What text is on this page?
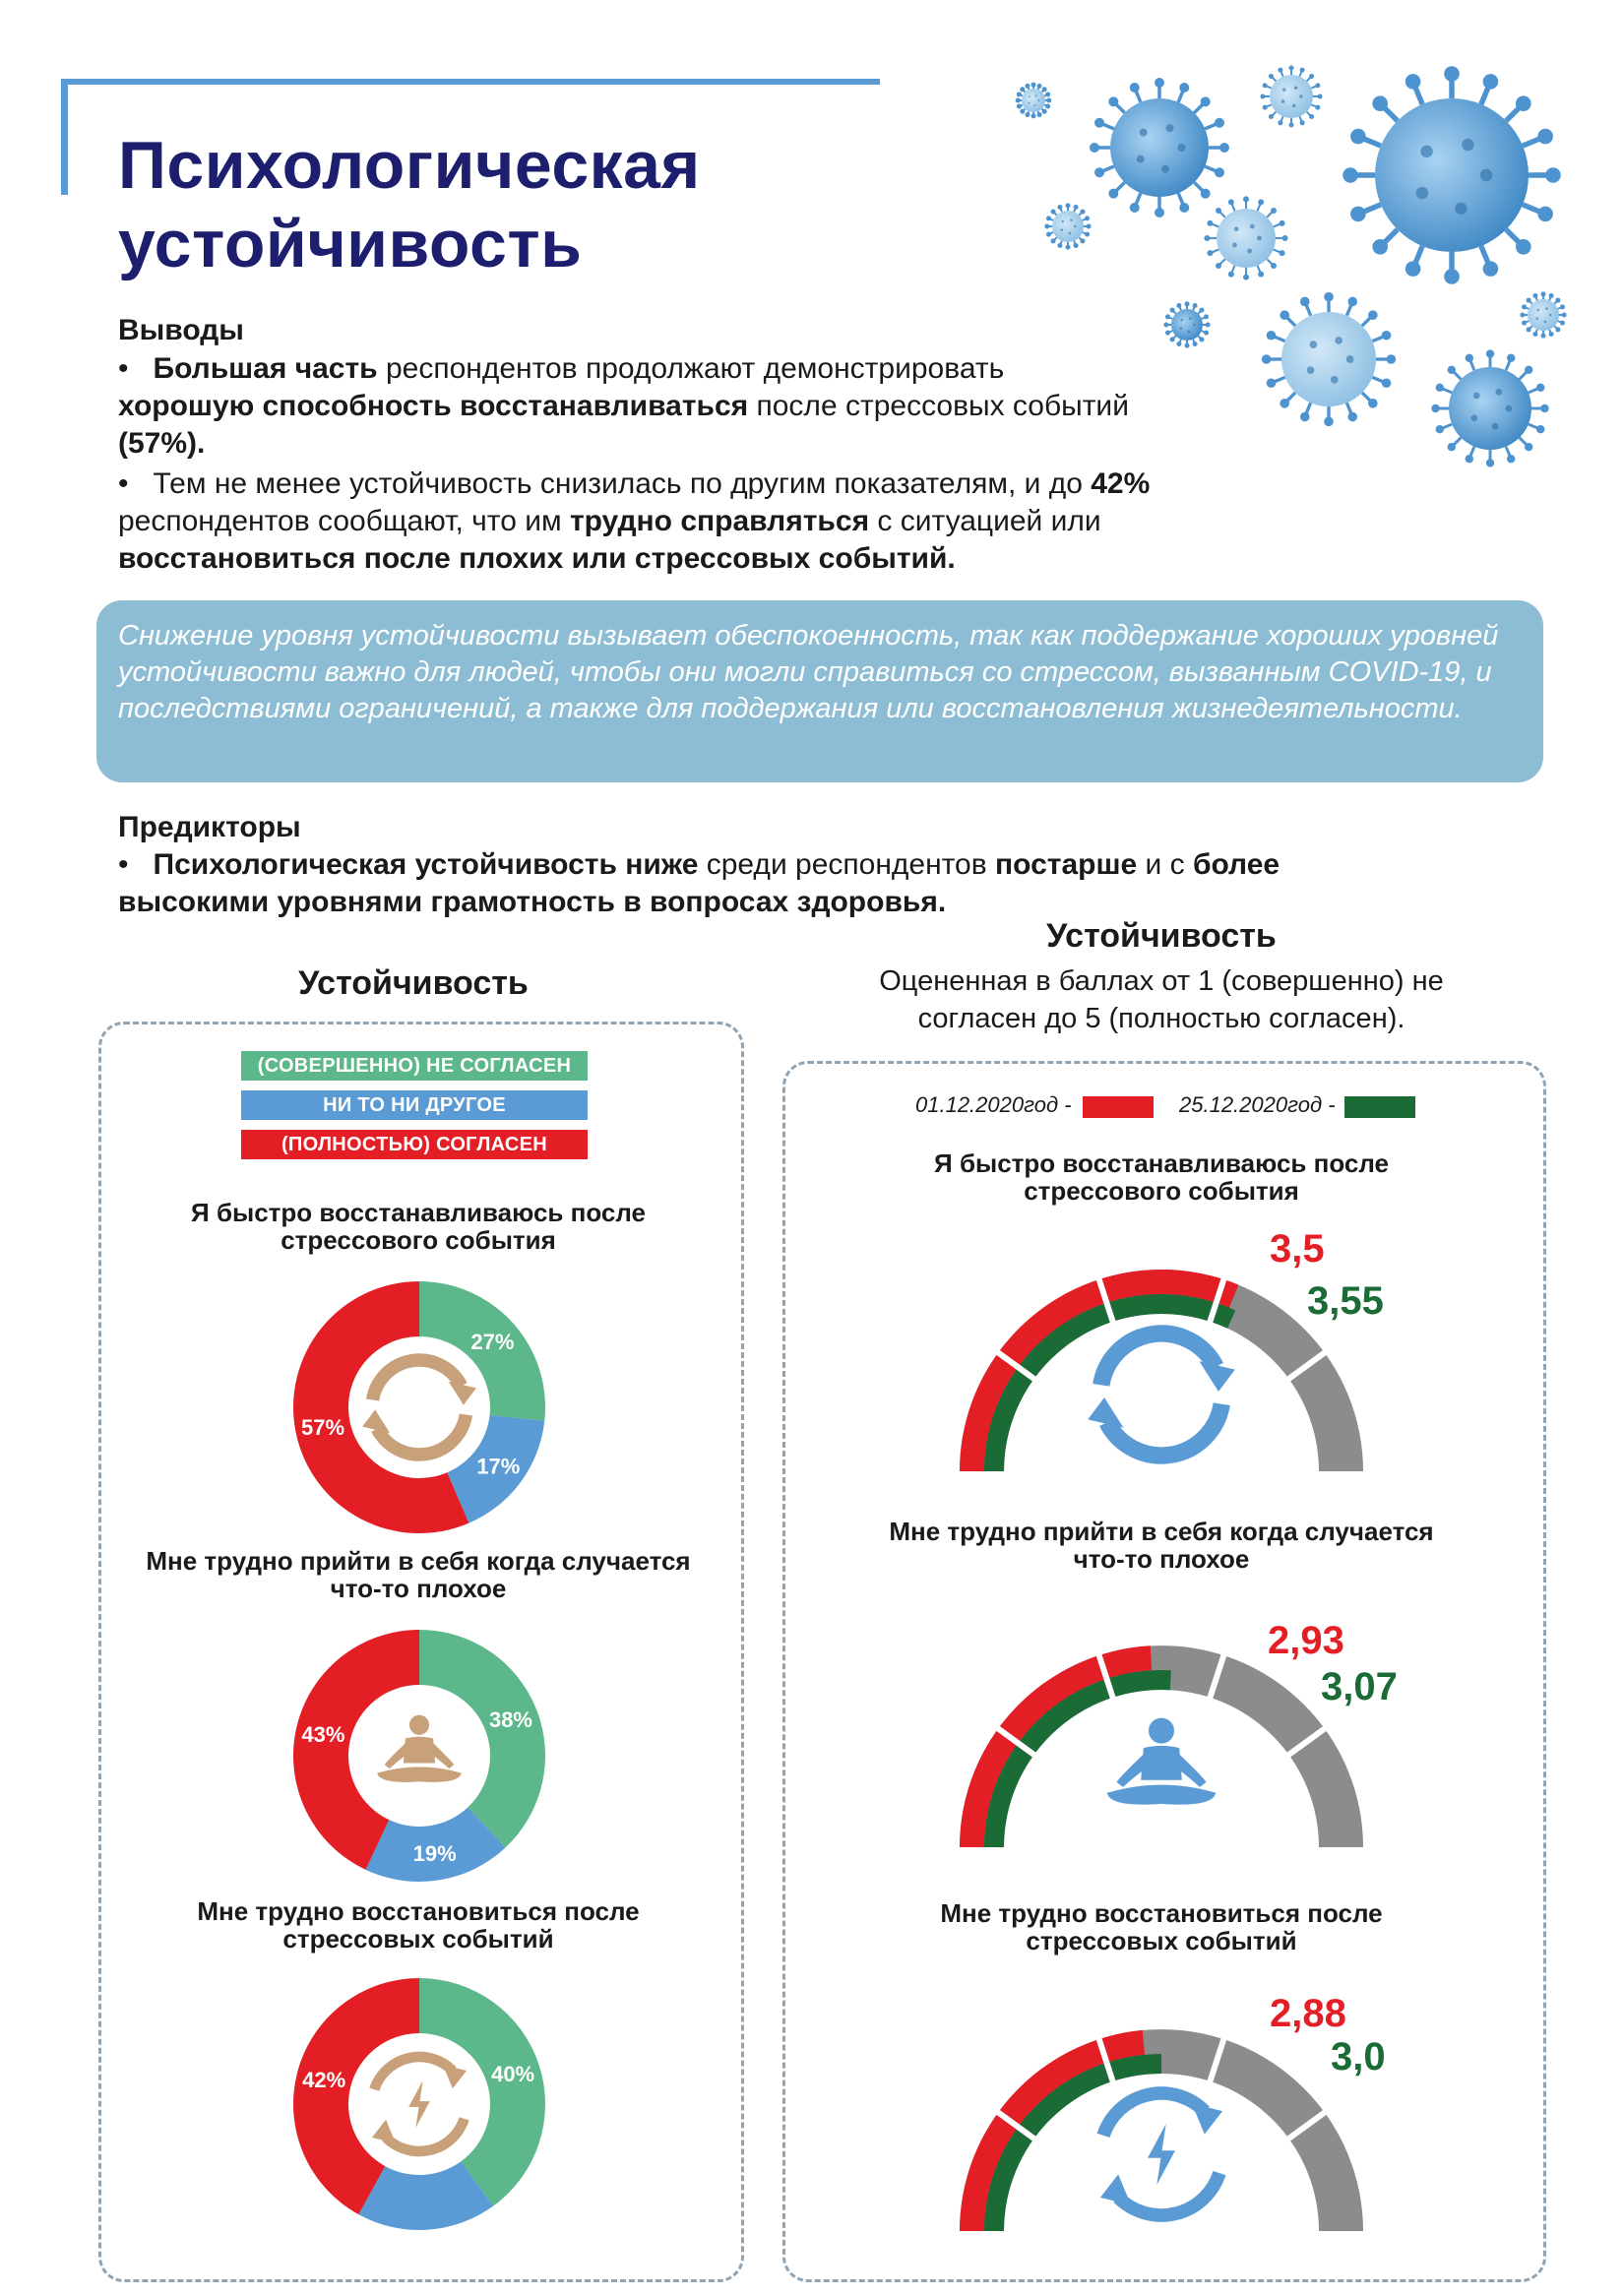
Психологическая
устойчивость
Выводы
• Большая часть респондентов продолжают демонстрировать
хорошую способность восстанавливаться после стрессовых событий
(57%).
• Тем не менее устойчивость снизилась по другим показателям, и до 42%
респондентов сообщают, что им трудно справляться с ситуацией или
восстановиться после плохих или стрессовых событий.
Снижение уровня устойчивости вызывает обеспокоенность, так как поддержание хороших уровней устойчивости важно для людей, чтобы они могли справиться со стрессом, вызванным COVID-19, и последствиями ограничений, а также для поддержания или восстановления жизнедеятельности.
Предикторы
• Психологическая устойчивость ниже среди респондентов постарше и с более
высокими уровнями грамотность в вопросах здоровья.
Устойчивость
Оцененная в баллах от 1 (совершенно) не
согласен до 5 (полностью согласен).
Устойчивость
(СОВЕРШЕННО) НЕ СОГЛАСЕН
НИ ТО НИ ДРУГОЕ
(ПОЛНОСТЬЮ) СОГЛАСЕН
01.12.2020год -	25.12.2020год -
Я быстро восстанавливаюсь после
стрессового события
Мне трудно прийти в себя когда случается
что-то плохое
Мне трудно восстановиться после
стрессовых событий
27%
17%
57%
38%
19%
43%
40%
42%
Я быстро восстанавливаюсь после
стрессового события
Мне трудно прийти в себя когда случается
что-то плохое
Мне трудно восстановиться после
стрессовых событий
3,5
3,55
2,93
3,07
2,88
3,0
